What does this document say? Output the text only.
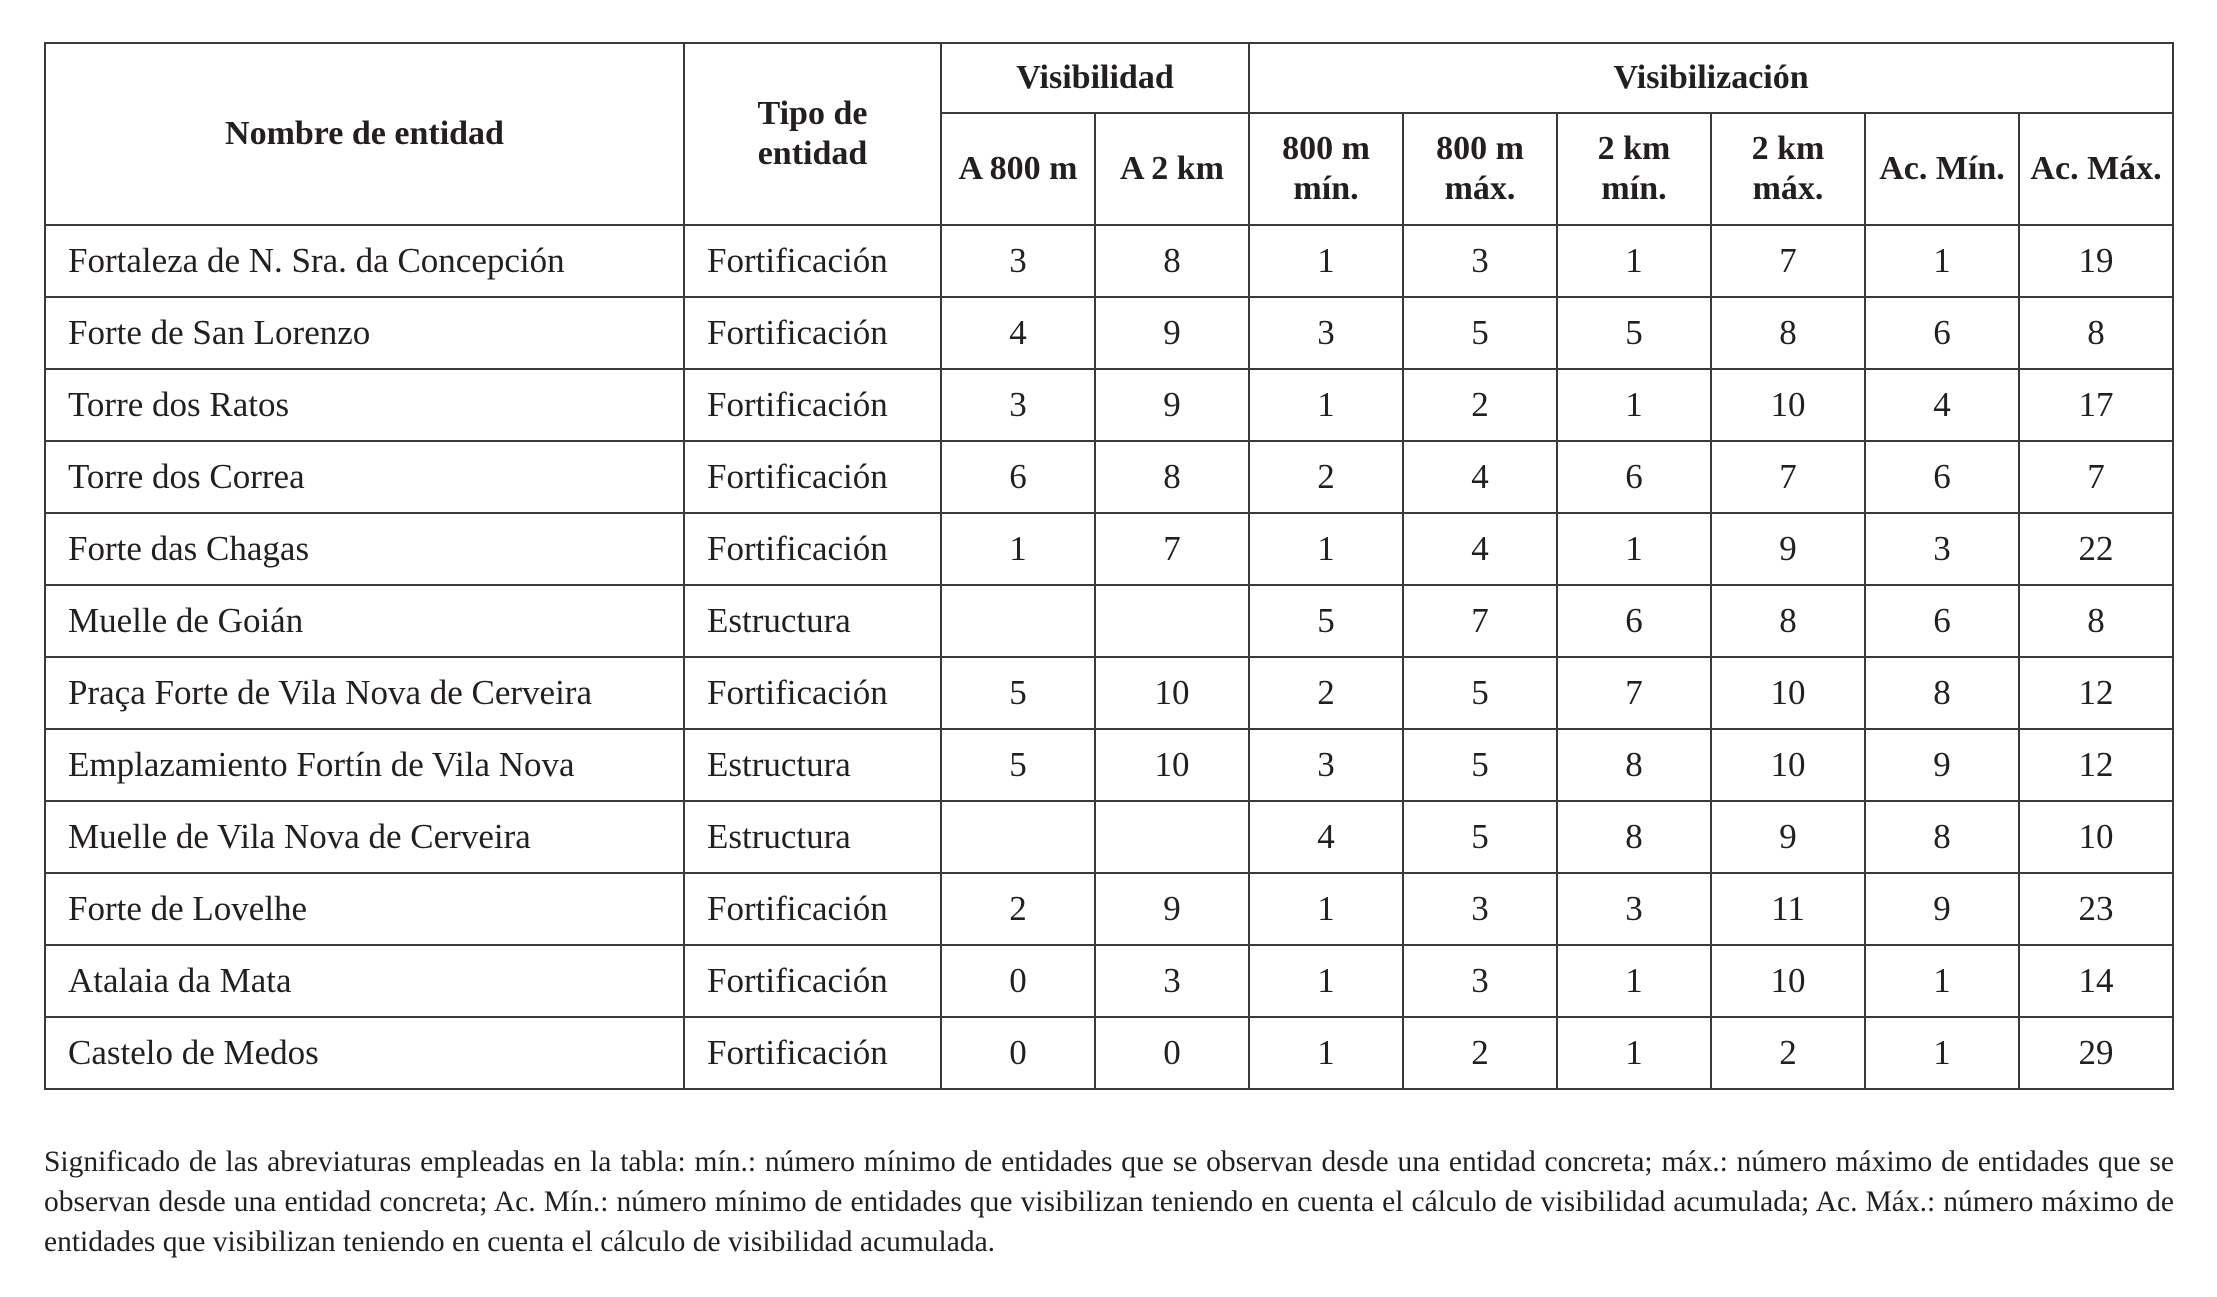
Nombre de entidad	Tipo de entidad	Visibilidad		Visibilización					
		A 800 m	A 2 km	800 m mín.	800 m máx.	2 km mín.	2 km máx.	Ac. Mín.	Ac. Máx.
Fortaleza de N. Sra. da Concepción	Fortificación	3	8	1	3	1	7	1	19
Forte de San Lorenzo	Fortificación	4	9	3	5	5	8	6	8
Torre dos Ratos	Fortificación	3	9	1	2	1	10	4	17
Torre dos Correa	Fortificación	6	8	2	4	6	7	6	7
Forte das Chagas	Fortificación	1	7	1	4	1	9	3	22
Muelle de Goián	Estructura			5	7	6	8	6	8
Praça Forte de Vila Nova de Cerveira	Fortificación	5	10	2	5	7	10	8	12
Emplazamiento Fortín de Vila Nova	Estructura	5	10	3	5	8	10	9	12
Muelle de Vila Nova de Cerveira	Estructura			4	5	8	9	8	10
Forte de Lovelhe	Fortificación	2	9	1	3	3	11	9	23
Atalaia da Mata	Fortificación	0	3	1	3	1	10	1	14
Castelo de Medos	Fortificación	0	0	1	2	1	2	1	29

Significado de las abreviaturas empleadas en la tabla: mín.: número mínimo de entidades que se observan desde una entidad concreta; máx.: número máximo de entidades que se observan desde una entidad concreta; Ac. Mín.: número mínimo de entidades que visibilizan teniendo en cuenta el cálculo de visibilidad acumulada; Ac. Máx.: número máximo de entidades que visibilizan teniendo en cuenta el cálculo de visibilidad acumulada.
